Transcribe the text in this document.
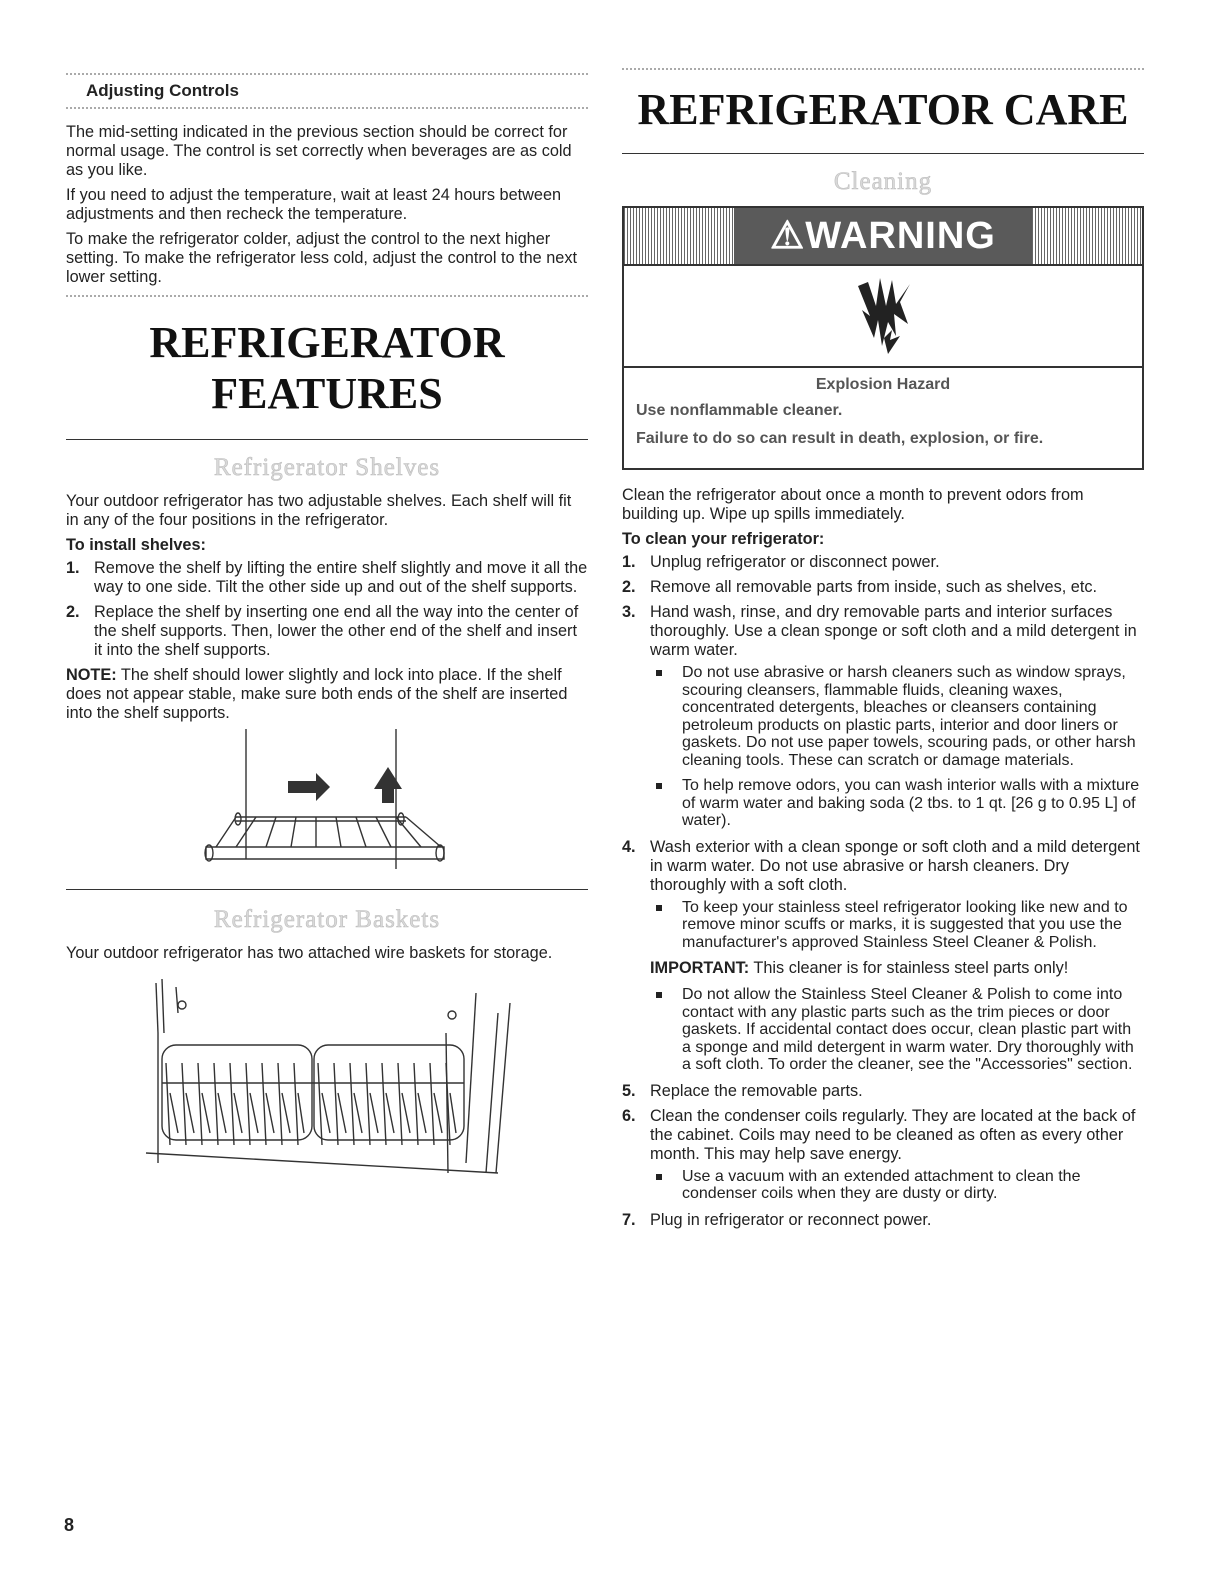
Adjusting Controls

The mid-setting indicated in the previous section should be correct for normal usage. The control is set correctly when beverages are as cold as you like.

If you need to adjust the temperature, wait at least 24 hours between adjustments and then recheck the temperature.

To make the refrigerator colder, adjust the control to the next higher setting. To make the refrigerator less cold, adjust the control to the next lower setting.

REFRIGERATOR FEATURES
Refrigerator Shelves

Your outdoor refrigerator has two adjustable shelves. Each shelf will fit in any of the four positions in the refrigerator.

To install shelves:
1. Remove the shelf by lifting the entire shelf slightly and move it all the way to one side. Tilt the other side up and out of the shelf supports.
2. Replace the shelf by inserting one end all the way into the center of the shelf supports. Then, lower the other end of the shelf and insert it into the shelf supports.

NOTE: The shelf should lower slightly and lock into place. If the shelf does not appear stable, make sure both ends of the shelf are inserted into the shelf supports.

Refrigerator Baskets

Your outdoor refrigerator has two attached wire baskets for storage.

REFRIGERATOR CARE
Cleaning
⚠WARNING
Explosion Hazard
Use nonflammable cleaner.
Failure to do so can result in death, explosion, or fire.

Clean the refrigerator about once a month to prevent odors from building up. Wipe up spills immediately.

To clean your refrigerator:
1. Unplug refrigerator or disconnect power.
2. Remove all removable parts from inside, such as shelves, etc.
3. Hand wash, rinse, and dry removable parts and interior surfaces thoroughly. Use a clean sponge or soft cloth and a mild detergent in warm water.
Do not use abrasive or harsh cleaners such as window sprays, scouring cleansers, flammable fluids, cleaning waxes, concentrated detergents, bleaches or cleansers containing petroleum products on plastic parts, interior and door liners or gaskets. Do not use paper towels, scouring pads, or other harsh cleaning tools. These can scratch or damage materials.
To help remove odors, you can wash interior walls with a mixture of warm water and baking soda (2 tbs. to 1 qt. [26 g to 0.95 L] of water).
4. Wash exterior with a clean sponge or soft cloth and a mild detergent in warm water. Do not use abrasive or harsh cleaners. Dry thoroughly with a soft cloth.
To keep your stainless steel refrigerator looking like new and to remove minor scuffs or marks, it is suggested that you use the manufacturer's approved Stainless Steel Cleaner & Polish.
IMPORTANT: This cleaner is for stainless steel parts only!
Do not allow the Stainless Steel Cleaner & Polish to come into contact with any plastic parts such as the trim pieces or door gaskets. If accidental contact does occur, clean plastic part with a sponge and mild detergent in warm water. Dry thoroughly with a soft cloth. To order the cleaner, see the "Accessories" section.
5. Replace the removable parts.
6. Clean the condenser coils regularly. They are located at the back of the cabinet. Coils may need to be cleaned as often as every other month. This may help save energy.
Use a vacuum with an extended attachment to clean the condenser coils when they are dusty or dirty.
7. Plug in refrigerator or reconnect power.
8
